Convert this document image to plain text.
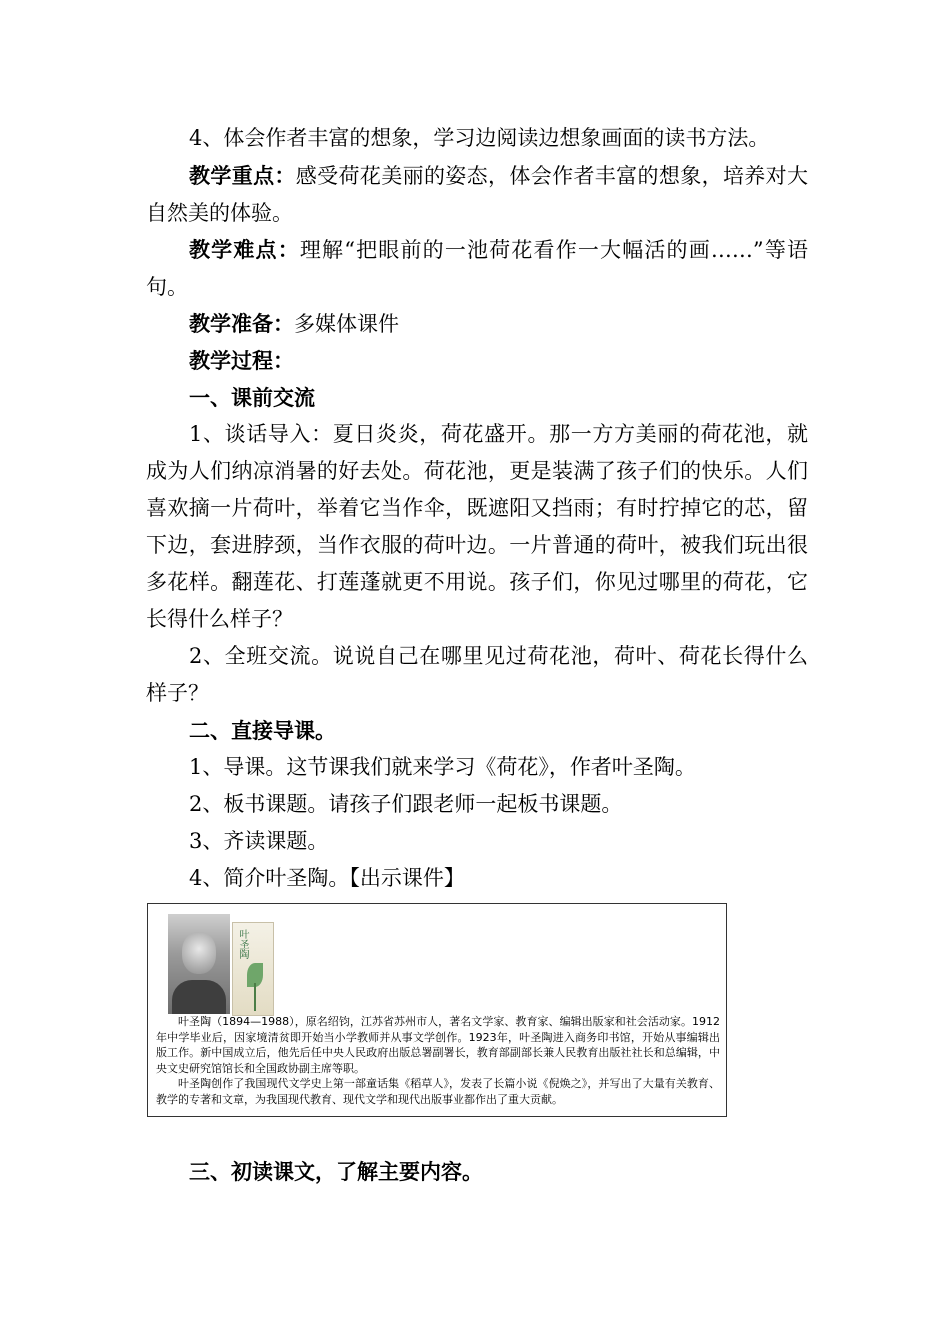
4、体会作者丰富的想象，学习边阅读边想象画面的读书方法。

教学重点：感受荷花美丽的姿态，体会作者丰富的想象，培养对大自然美的体验。

教学难点：理解“把眼前的一池荷花看作一大幅活的画……”等语句。

教学准备：多媒体课件

教学过程：

一、课前交流

1、谈话导入：夏日炎炎，荷花盛开。那一方方美丽的荷花池，就成为人们纳凉消暑的好去处。荷花池，更是装满了孩子们的快乐。人们喜欢摘一片荷叶，举着它当作伞，既遮阳又挡雨；有时拧掉它的芯，留下边，套进脖颈，当作衣服的荷叶边。一片普通的荷叶，被我们玩出很多花样。翻莲花、打莲蓬就更不用说。孩子们，你见过哪里的荷花，它长得什么样子？

2、全班交流。说说自己在哪里见过荷花池，荷叶、荷花长得什么样子？

二、直接导课。

1、导课。这节课我们就来学习《荷花》，作者叶圣陶。

2、板书课题。请孩子们跟老师一起板书课题。

3、齐读课题。

4、简介叶圣陶。【出示课件】

叶圣陶

叶圣陶（1894—1988），原名绍钧，江苏省苏州市人，著名文学家、教育家、编辑出版家和社会活动家。1912年中学毕业后，因家境清贫即开始当小学教师并从事文学创作。1923年，叶圣陶进入商务印书馆，开始从事编辑出版工作。新中国成立后，他先后任中央人民政府出版总署副署长，教育部副部长兼人民教育出版社社长和总编辑，中央文史研究馆馆长和全国政协副主席等职。
叶圣陶创作了我国现代文学史上第一部童话集《稻草人》，发表了长篇小说《倪焕之》，并写出了大量有关教育、教学的专著和文章，为我国现代教育、现代文学和现代出版事业都作出了重大贡献。

三、初读课文，了解主要内容。
